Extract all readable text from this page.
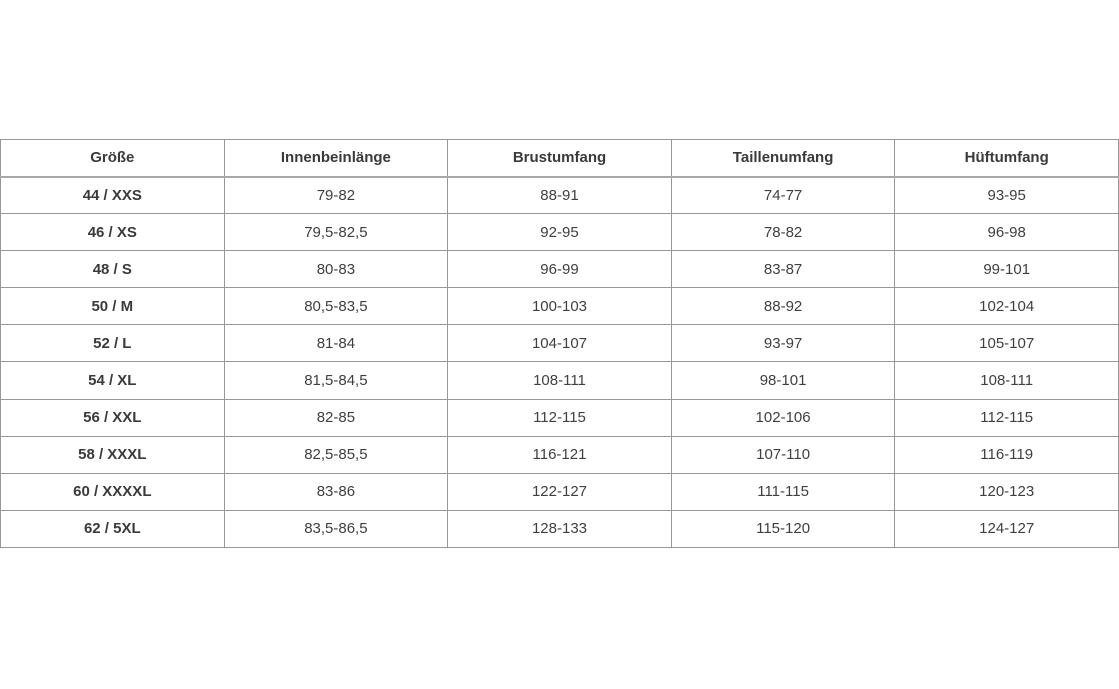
Größe	Innenbeinlänge	Brustumfang	Taillenumfang	Hüftumfang
44 / XXS	79-82	88-91	74-77	93-95
46 / XS	79,5-82,5	92-95	78-82	96-98
48 / S	80-83	96-99	83-87	99-101
50 / M	80,5-83,5	100-103	88-92	102-104
52 / L	81-84	104-107	93-97	105-107
54 / XL	81,5-84,5	108-111	98-101	108-111
56 / XXL	82-85	112-115	102-106	112-115
58 / XXXL	82,5-85,5	116-121	107-110	116-119
60 / XXXXL	83-86	122-127	111-115	120-123
62 / 5XL	83,5-86,5	128-133	115-120	124-127
